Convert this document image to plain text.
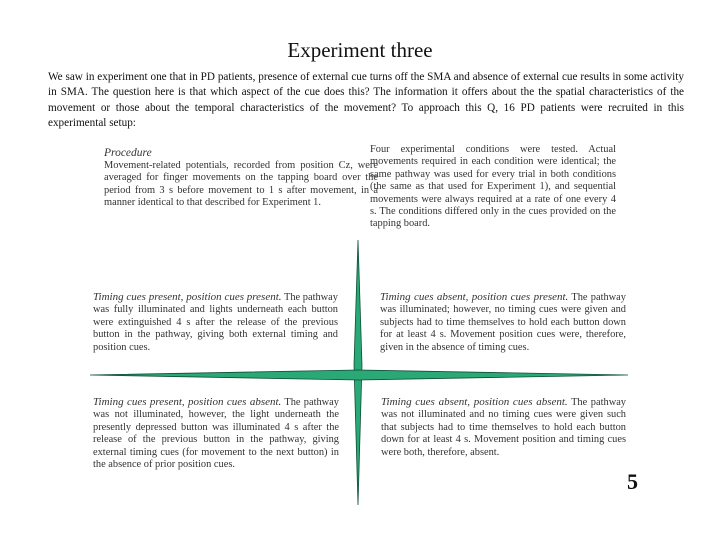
Experiment three
We saw in experiment one that in PD patients, presence of external cue turns off the SMA and absence of external cue results in some activity in SMA. The question here is that which aspect of the cue does this? The information it offers about the the spatial characteristics of the movement or those about the temporal characteristics of the movement? To approach this Q, 16 PD patients were recruited in this experimental setup:
Procedure
Movement-related potentials, recorded from position Cz, were averaged for finger movements on the tapping board over the period from 3 s before movement to 1 s after movement, in a manner identical to that described for Experiment 1.
Four experimental conditions were tested. Actual movements required in each condition were identical; the same pathway was used for every trial in both conditions (the same as that used for Experiment 1), and sequential movements were always required at a rate of one every 4 s. The conditions differed only in the cues provided on the tapping board.
Timing cues present, position cues present. The pathway was fully illuminated and lights underneath each button were extinguished 4 s after the release of the previous button in the pathway, giving both external timing and position cues.
Timing cues absent, position cues present. The pathway was illuminated; however, no timing cues were given and subjects had to time themselves to hold each button down for at least 4 s. Movement position cues were, therefore, given in the absence of timing cues.
Timing cues present, position cues absent. The pathway was not illuminated, however, the light underneath the presently depressed button was illuminated 4 s after the release of the previous button in the pathway, giving external timing cues (for movement to the next button) in the absence of prior position cues.
Timing cues absent, position cues absent. The pathway was not illuminated and no timing cues were given such that subjects had to time themselves to hold each button down for at least 4 s. Movement position and timing cues were both, therefore, absent.
5
